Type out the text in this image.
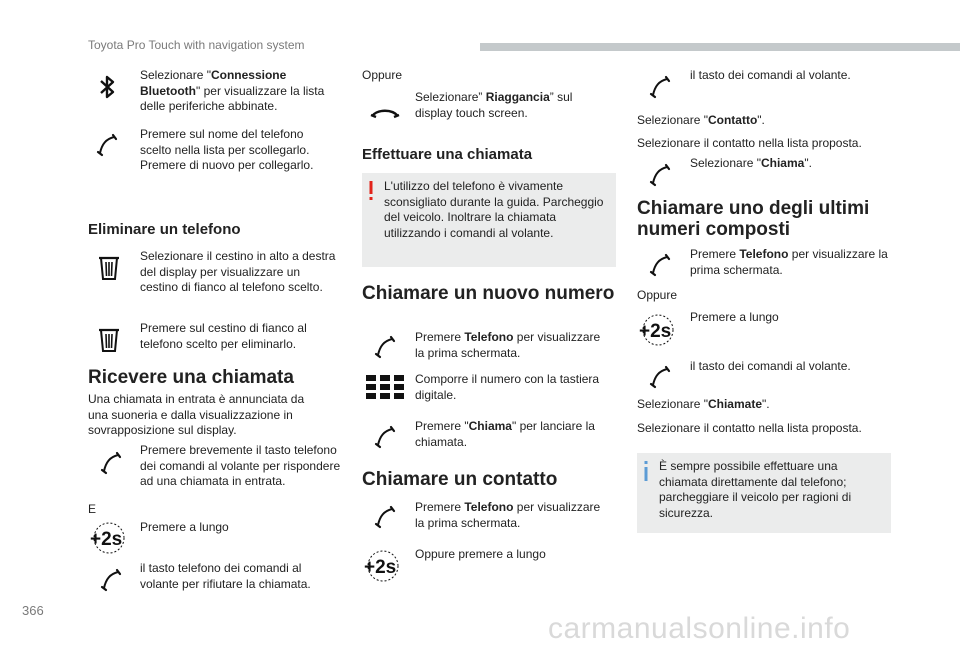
Toyota Pro Touch with navigation system
Selezionare "Connessione Bluetooth" per visualizzare la lista delle periferiche abbinate.
Premere sul nome del telefono scelto nella lista per scollegarlo. Premere di nuovo per collegarlo.
Eliminare un telefono
Selezionare il cestino in alto a destra del display per visualizzare un cestino di fianco al telefono scelto.
Premere sul cestino di fianco al telefono scelto per eliminarlo.
Ricevere una chiamata
Una chiamata in entrata è annunciata da una suoneria e dalla visualizzazione in sovrapposizione sul display.
Premere brevemente il tasto telefono dei comandi al volante per rispondere ad una chiamata in entrata.
E
+2s
Premere a lungo
il tasto telefono dei comandi al volante per rifiutare la chiamata.
Oppure
Selezionare” Riaggancia” sul display touch screen.
Effettuare una chiamata
L'utilizzo del telefono è vivamente sconsigliato durante la guida. Parcheggio del veicolo. Inoltrare la chiamata utilizzando i comandi al volante.
Chiamare un nuovo numero
Premere Telefono per visualizzare la prima schermata.
Comporre il numero con la tastiera digitale.
Premere "Chiama" per lanciare la chiamata.
Chiamare un contatto
Premere Telefono per visualizzare la prima schermata.
+2s
Oppure premere a lungo
il tasto dei comandi al volante.
Selezionare "Contatto".
Selezionare il contatto nella lista proposta.
Selezionare "Chiama".
Chiamare uno degli ultimi numeri composti
Premere Telefono per visualizzare la prima schermata.
Oppure
+2s
Premere a lungo
il tasto dei comandi al volante.
Selezionare "Chiamate".
Selezionare il contatto nella lista proposta.
È sempre possibile effettuare una chiamata direttamente dal telefono; parcheggiare il veicolo per ragioni di sicurezza.
366
carmanualsonline.info
